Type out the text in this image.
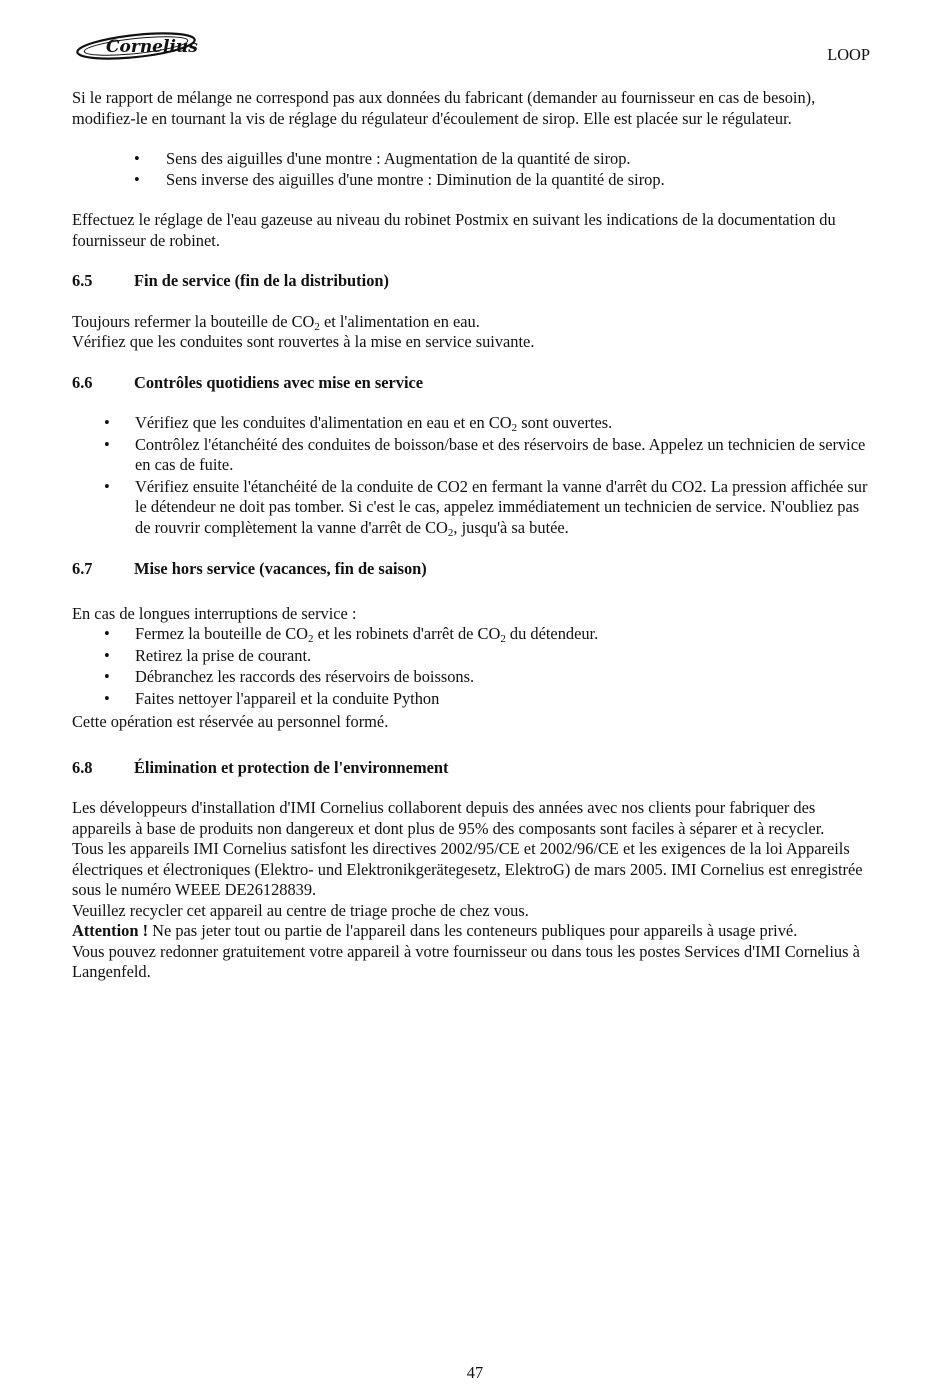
Cornelius	LOOP

Si le rapport de mélange ne correspond pas aux données du fabricant (demander au fournisseur en cas de besoin), modifiez-le en tournant la vis de réglage du régulateur d'écoulement de sirop. Elle est placée sur le régulateur.

• Sens des aiguilles d'une montre : Augmentation de la quantité de sirop.
• Sens inverse des aiguilles d'une montre : Diminution de la quantité de sirop.

Effectuez le réglage de l'eau gazeuse au niveau du robinet Postmix en suivant les indications de la documentation du fournisseur de robinet.

6.5	Fin de service (fin de la distribution)

Toujours refermer la bouteille de $CO_2$ et l'alimentation en eau.

Vérifiez que les conduites sont rouvertes à la mise en service suivante.

6.6	Contrôles quotidiens avec mise en service
• Vérifiez que les conduites d'alimentation en eau et en $CO_2$ sont ouvertes.
• Contrôlez l'étanchéité des conduites de boisson/base et des réservoirs de base. Appelez un technicien de service en cas de fuite.
• Vérifiez ensuite l'étanchéité de la conduite de CO2 en fermant la vanne d'arrêt du CO2. La pression affichée sur le détendeur ne doit pas tomber. Si c'est le cas, appelez immédiatement un technicien de service. N'oubliez pas de rouvrir complètement la vanne d'arrêt de $CO_2$, jusqu'à sa butée.
6.7	Mise hors service (vacances, fin de saison)

En cas de longues interruptions de service :

• Fermez la bouteille de $CO_2$ et les robinets d'arrêt de $CO_2$ du détendeur.
• Retirez la prise de courant.
• Débranchez les raccords des réservoirs de boissons.
• Faites nettoyer l'appareil et la conduite Python

Cette opération est réservée au personnel formé.

6.8	Élimination et protection de l'environnement

Les développeurs d'installation d'IMI Cornelius collaborent depuis des années avec nos clients pour fabriquer des appareils à base de produits non dangereux et dont plus de 95% des composants sont faciles à séparer et à recycler.

Tous les appareils IMI Cornelius satisfont les directives 2002/95/CE et 2002/96/CE et les exigences de la loi Appareils électriques et électroniques (Elektro- und Elektronikgerätegesetz, ElektroG) de mars 2005. IMI Cornelius est enregistrée sous le numéro WEEE DE26128839.

Veuillez recycler cet appareil au centre de triage proche de chez vous.

Attention ! Ne pas jeter tout ou partie de l'appareil dans les conteneurs publiques pour appareils à usage privé.

Vous pouvez redonner gratuitement votre appareil à votre fournisseur ou dans tous les postes Services d'IMI Cornelius à Langenfeld.

47
